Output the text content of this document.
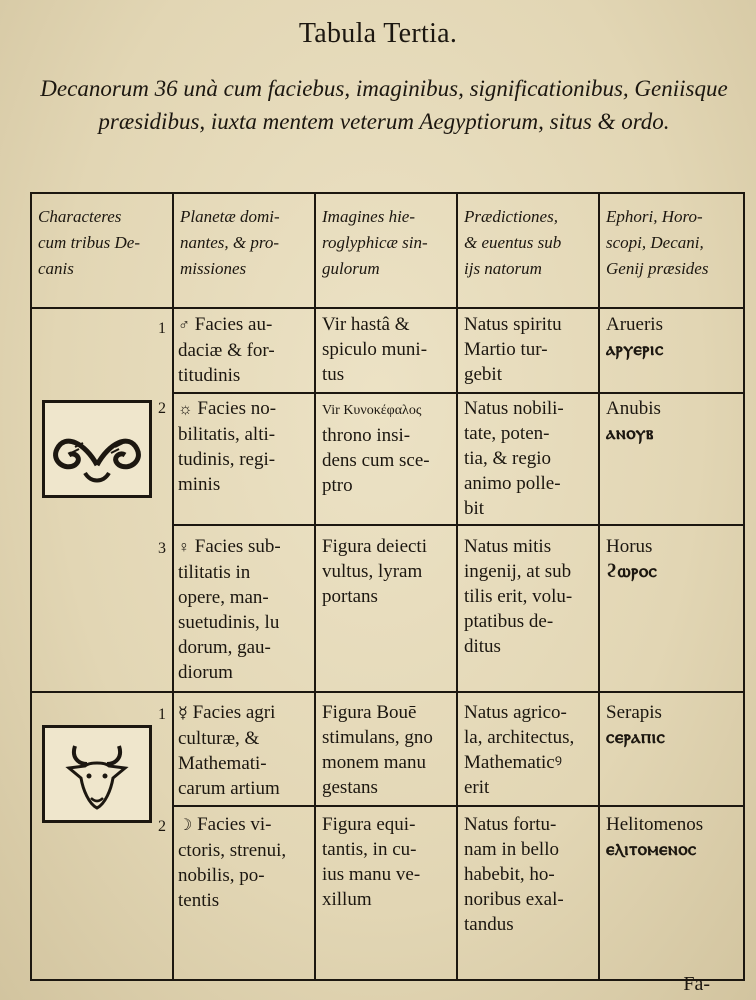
Tabula Tertia.
Decanorum 36 unà cum faciebus, imaginibus, significationibus, Geniisque præsidibus, iuxta mentem veterum Aegyptiorum, situs & ordo.
Characteres
cum tribus De-
canis
Planetæ domi-
nantes, & pro-
missiones
Imagines hie-
roglyphicæ sin-
gulorum
Prædictiones,
& euentus sub
ijs natorum
Ephori, Horo-
scopi, Decani,
Genij præsides
1
2
3
1
2
♂ Facies au-
daciæ & for-
titudinis
Vir hastâ &
spiculo muni-
tus
Natus spiritu
Martio tur-
gebit
Arueris
ⲁⲣⲩⲉⲣⲓⲥ
☼ Facies no-
bilitatis, alti-
tudinis, regi-
minis
Vir Κυνοκέφαλος
throno insi-
dens cum sce-
ptro
Natus nobili-
tate, poten-
tia, & regio
animo polle-
bit
Anubis
ⲁⲛⲟⲩⲃ
♀ Facies sub-
tilitatis in
opere, man-
suetudinis, lu
dorum, gau-
diorum
Figura deiecti
vultus, lyram
portans
Natus mitis
ingenij, at sub
tilis erit, volu-
ptatibus de-
ditus
Horus
ϩⲱⲣⲟⲥ
☿ Facies agri
culturæ, &
Mathemati-
carum artium
Figura Bouē
stimulans, gno
monem manu
gestans
Natus agrico-
la, architectus,
Mathematicꝰ
erit
Serapis
ⲥⲉⲣⲁⲡⲓⲥ
☽ Facies vi-
ctoris, strenui,
nobilis, po-
tentis
Figura equi-
tantis, in cu-
ius manu ve-
xillum
Natus fortu-
nam in bello
habebit, ho-
noribus exal-
tandus
Helitomenos
ⲉⲗⲓⲧⲟⲙⲉⲛⲟⲥ
Fa-
